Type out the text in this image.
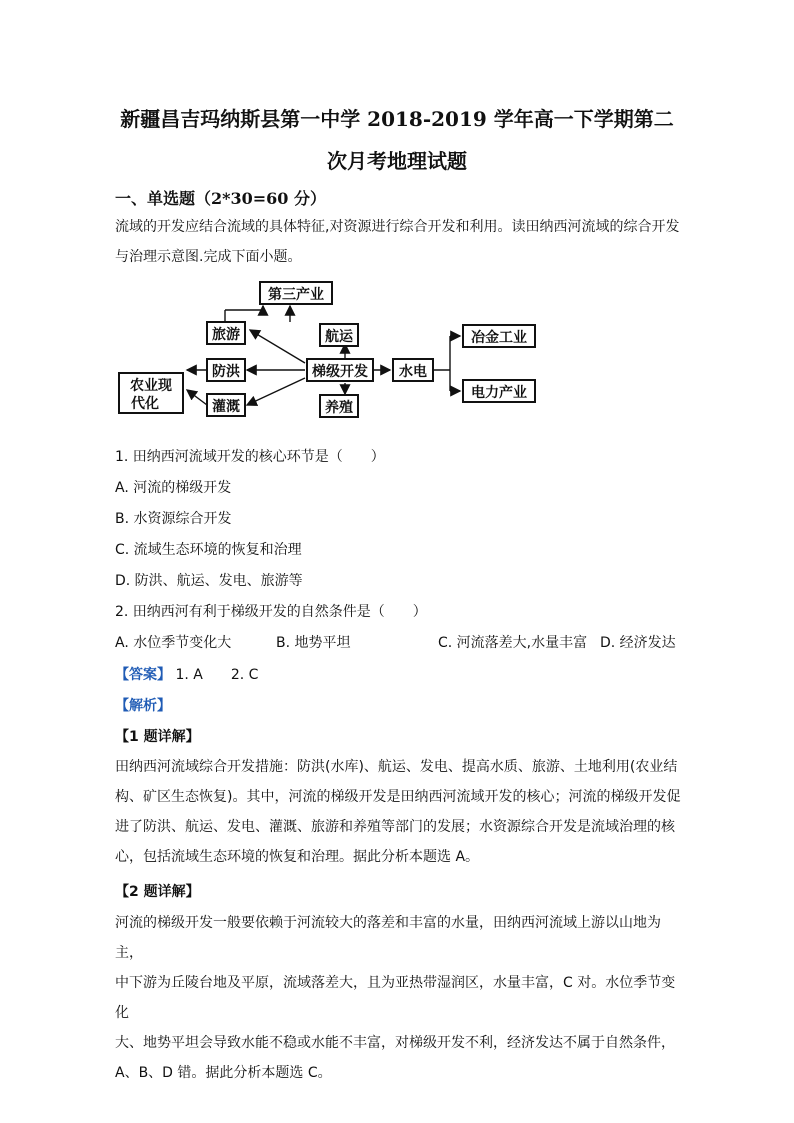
新疆昌吉玛纳斯县第一中学 2018-2019 学年高一下学期第二
次月考地理试题
一、单选题（2*30=60 分）
流域的开发应结合流域的具体特征,对资源进行综合开发和利用。读田纳西河流域的综合开发
与治理示意图.完成下面小题。
第三产业
旅游	航运
防洪
灌溉
梯级开发
养殖
农业现
代化
水电
冶金工业
电力产业
1. 田纳西河流域开发的核心环节是（　　）
A. 河流的梯级开发
B. 水资源综合开发
C. 流域生态环境的恢复和治理
D. 防洪、航运、发电、旅游等
2. 田纳西河有利于梯级开发的自然条件是（　　）
A. 水位季节变化大	B. 地势平坦	C. 河流落差大,水量丰富 D. 经济发达
【答案】 1. A　　2. C
【解析】
【1 题详解】
田纳西河流域综合开发措施：防洪(水库)、航运、发电、提高水质、旅游、土地利用(农业结
构、矿区生态恢复)。其中，河流的梯级开发是田纳西河流域开发的核心；河流的梯级开发促
进了防洪、航运、发电、灌溉、旅游和养殖等部门的发展；水资源综合开发是流域治理的核
心，包括流域生态环境的恢复和治理。据此分析本题选 A。
【2 题详解】
河流的梯级开发一般要依赖于河流较大的落差和丰富的水量，田纳西河流域上游以山地为主，
中下游为丘陵台地及平原，流域落差大，且为亚热带湿润区，水量丰富，C 对。水位季节变化
大、地势平坦会导致水能不稳或水能不丰富，对梯级开发不利，经济发达不属于自然条件，
A、B、D 错。据此分析本题选 C。
